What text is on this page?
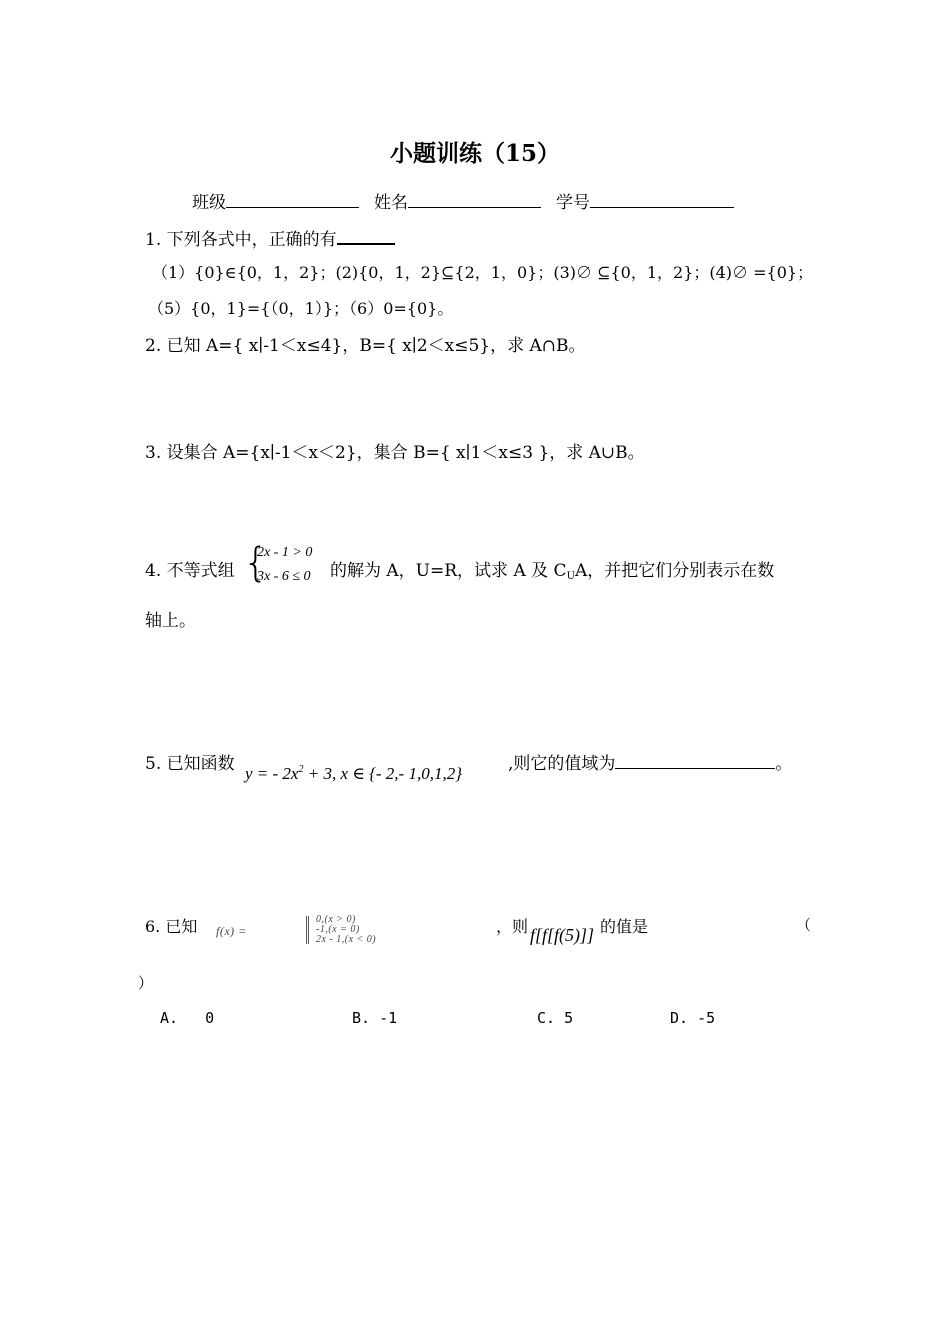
小题训练（15）
班级	姓名	学号
1. 下列各式中，正确的有
（1）{0}∈{0，1，2}；(2){0，1，2}⊆{2，1，0}；(3)∅ ⊆{0，1，2}；(4)∅ ={0}；
（5）{0，1}={（0，1）}；（6）0={0}。
2. 已知 A={ x∣-1＜x≤4}，B={ x∣2＜x≤5}，求 A∩B。
3. 设集合 A={x∣-1＜x＜2}，集合 B={ x∣1＜x≤3 }，求 A∪B。
4. 不等式组 {
2x - 1 > 0
3x - 6 ≤ 0 的解为 A，U=R，试求 A 及 $C_UA$，并把它们分别表示在数
轴上。
5. 已知函数 y = - $2x^2 + 3$, x ∈ {- 2,- 1,0,1,2}	,则它的值域为	。
6. 已知 f(x) =
0,(x > 0)
-1,(x = 0)
2x - 1,(x < 0)
，则 f[f[f(5)]] 的值是	（
）
A.   0	B. -1	C. 5	D. -5
